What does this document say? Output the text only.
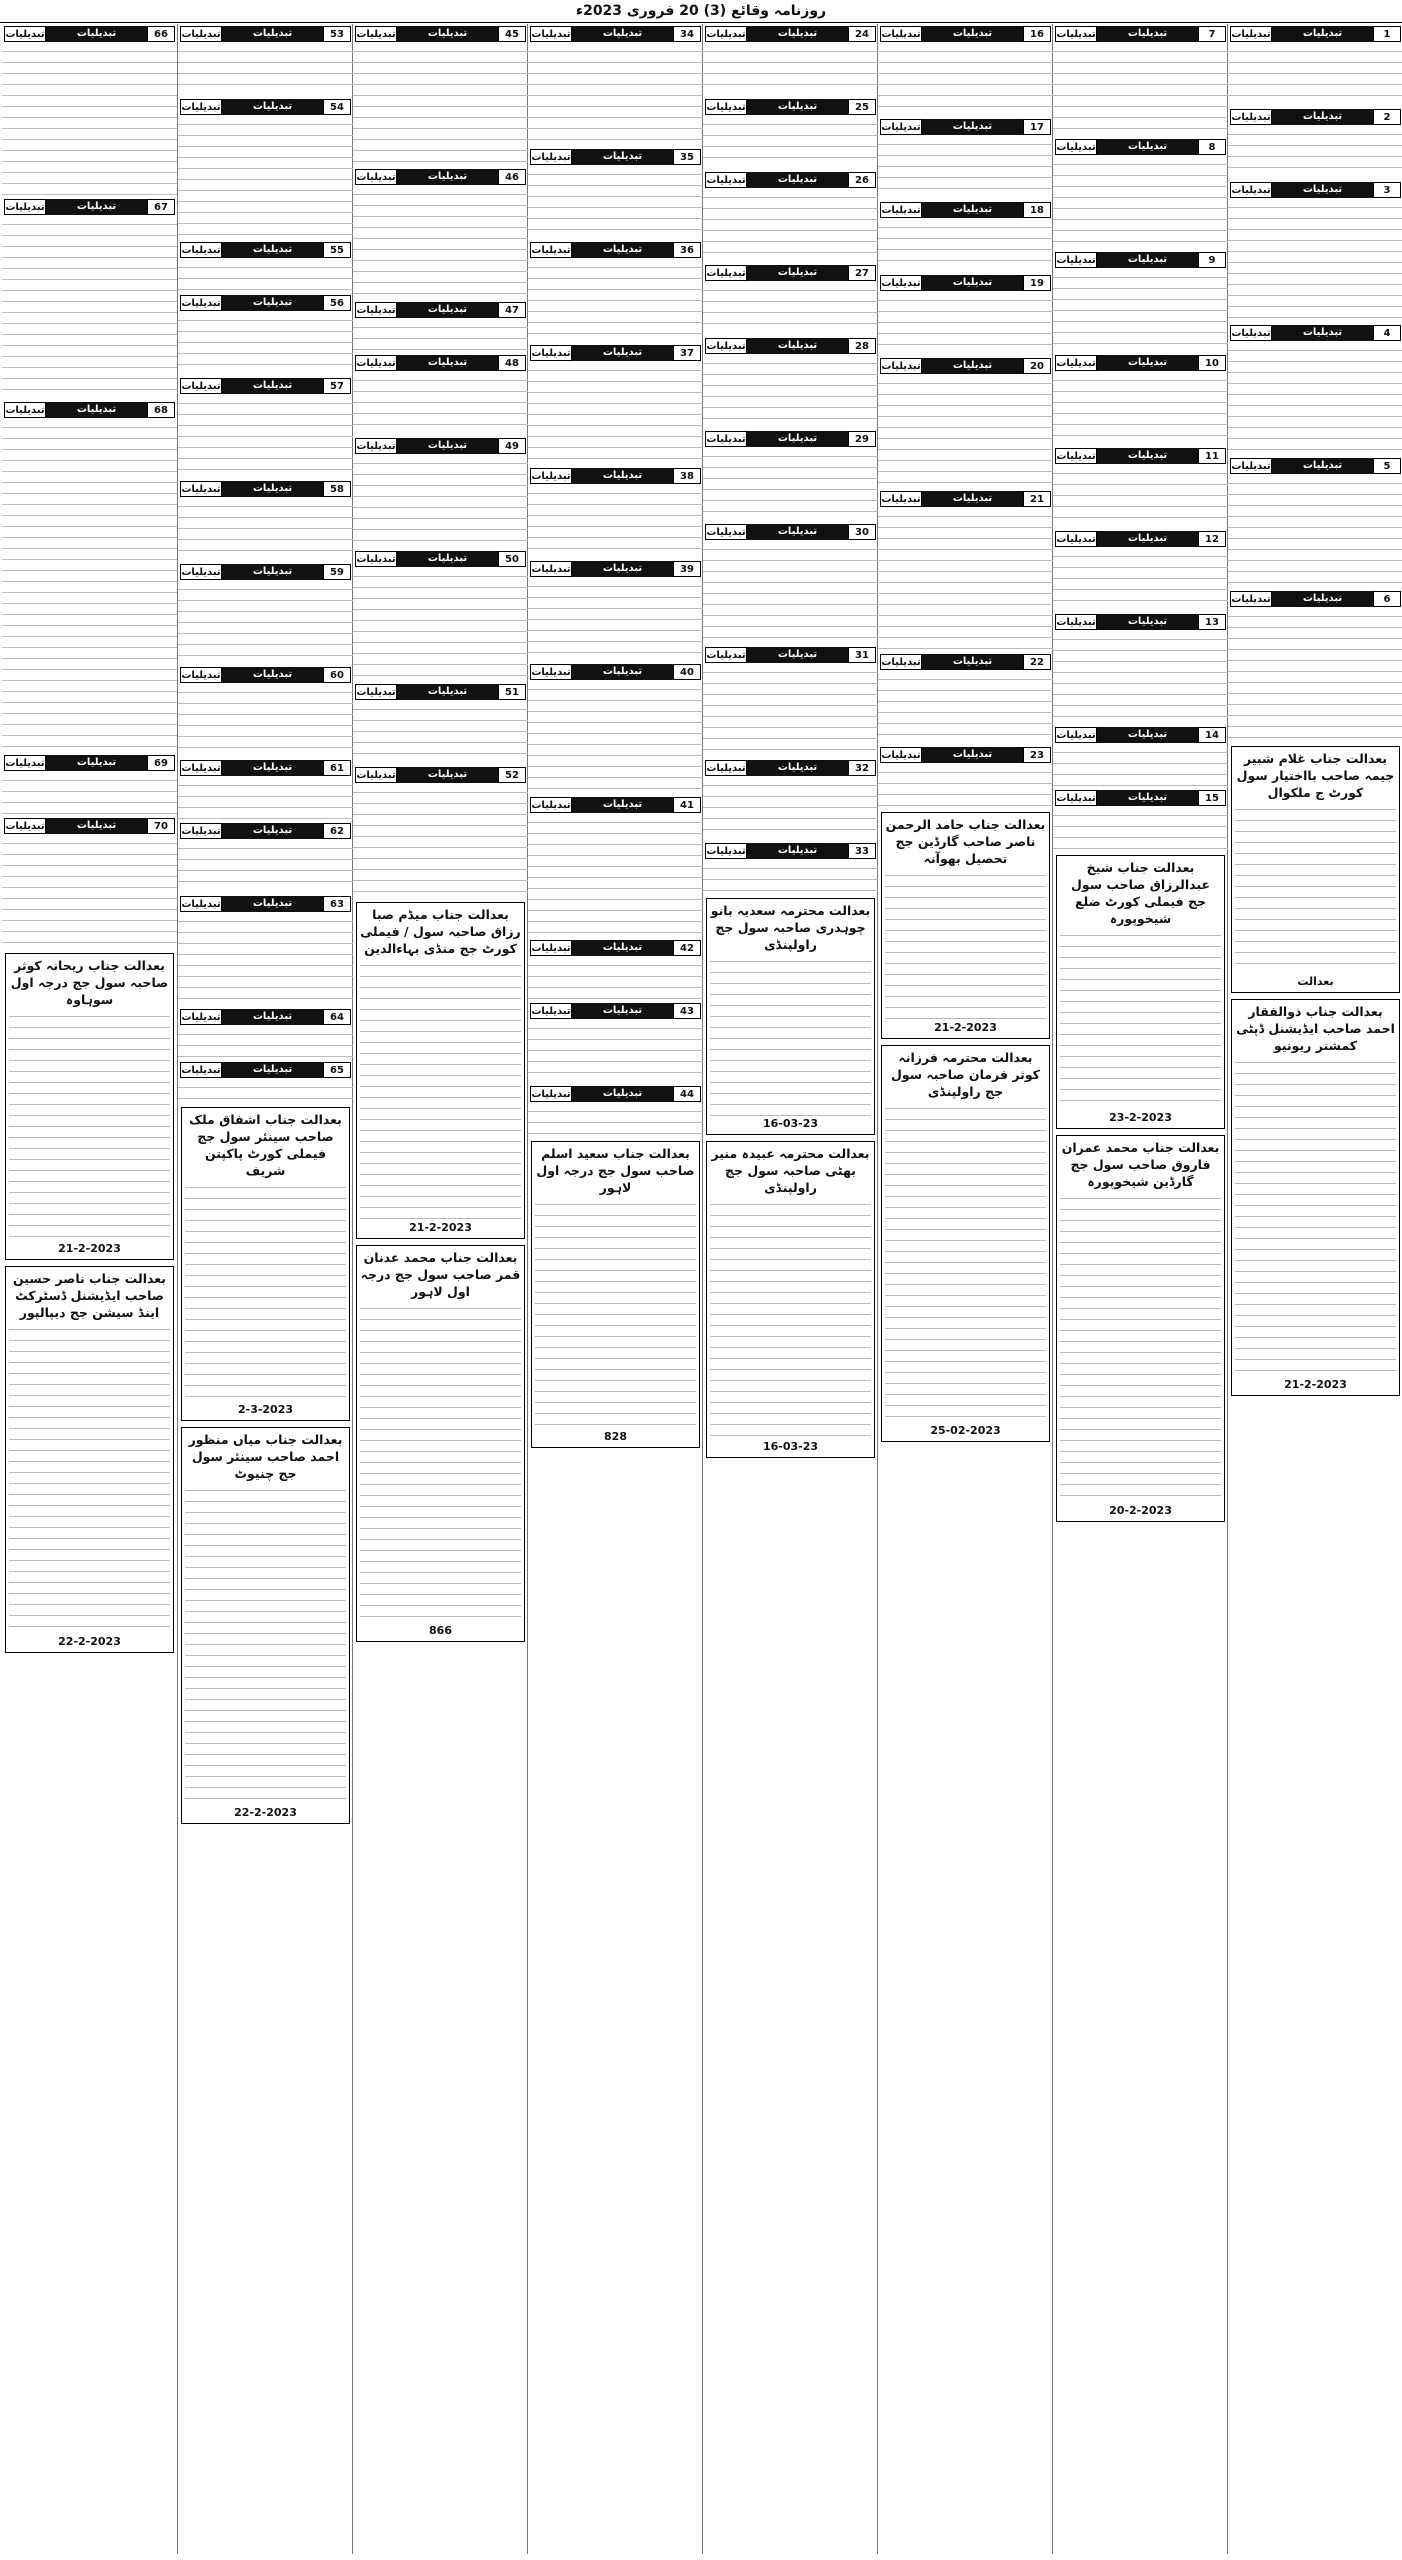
روزنامہ وقائع (3) 20 فروری 2023ء
1
تبدیلیات
تبدیلیات
2
تبدیلیات
تبدیلیات
3
تبدیلیات
تبدیلیات
4
تبدیلیات
تبدیلیات
5
تبدیلیات
تبدیلیات
6
تبدیلیات
تبدیلیات
بعدالت جناب غلام شبیر جیمہ صاحب بااختیار سول کورٹ ج ملکوال
بعدالت
بعدالت جناب ذوالفقار احمد صاحب ایڈیشنل ڈپٹی کمشنر ریونیو
21-2-2023
7
تبدیلیات
تبدیلیات
8
تبدیلیات
تبدیلیات
9
تبدیلیات
تبدیلیات
10
تبدیلیات
تبدیلیات
11
تبدیلیات
تبدیلیات
12
تبدیلیات
تبدیلیات
13
تبدیلیات
تبدیلیات
14
تبدیلیات
تبدیلیات
15
تبدیلیات
تبدیلیات
بعدالت جناب شیخ عبدالرزاق صاحب سول جج فیملی کورٹ ضلع شیخوپورہ
23-2-2023
بعدالت جناب محمد عمران فاروق صاحب سول جج گارڈین شیخوپورہ
20-2-2023
16
تبدیلیات
تبدیلیات
17
تبدیلیات
تبدیلیات
18
تبدیلیات
تبدیلیات
19
تبدیلیات
تبدیلیات
20
تبدیلیات
تبدیلیات
21
تبدیلیات
تبدیلیات
22
تبدیلیات
تبدیلیات
23
تبدیلیات
تبدیلیات
بعدالت جناب حامد الرحمن ناصر صاحب گارڈین جج تحصیل بھوآنہ
21-2-2023
بعدالت محترمہ فرزانہ کوثر فرمان صاحبہ سول جج راولپنڈی
25-02-2023
24
تبدیلیات
تبدیلیات
25
تبدیلیات
تبدیلیات
26
تبدیلیات
تبدیلیات
27
تبدیلیات
تبدیلیات
28
تبدیلیات
تبدیلیات
29
تبدیلیات
تبدیلیات
30
تبدیلیات
تبدیلیات
31
تبدیلیات
تبدیلیات
32
تبدیلیات
تبدیلیات
33
تبدیلیات
تبدیلیات
بعدالت محترمہ سعدیہ بانو چوہدری صاحبہ سول جج راولپنڈی
16-03-23
بعدالت محترمہ عبیدہ منیر بھٹی صاحبہ سول جج راولپنڈی
16-03-23
34
تبدیلیات
تبدیلیات
35
تبدیلیات
تبدیلیات
36
تبدیلیات
تبدیلیات
37
تبدیلیات
تبدیلیات
38
تبدیلیات
تبدیلیات
39
تبدیلیات
تبدیلیات
40
تبدیلیات
تبدیلیات
41
تبدیلیات
تبدیلیات
42
تبدیلیات
تبدیلیات
43
تبدیلیات
تبدیلیات
44
تبدیلیات
تبدیلیات
بعدالت جناب سعید اسلم صاحب سول جج درجہ اول لاہور
828
45
تبدیلیات
تبدیلیات
46
تبدیلیات
تبدیلیات
47
تبدیلیات
تبدیلیات
48
تبدیلیات
تبدیلیات
49
تبدیلیات
تبدیلیات
50
تبدیلیات
تبدیلیات
51
تبدیلیات
تبدیلیات
52
تبدیلیات
تبدیلیات
بعدالت جناب میڈم صبا رزاق صاحبہ سول / فیملی کورٹ جج منڈی بہاءالدین
21-2-2023
بعدالت جناب محمد عدنان قمر صاحب سول جج درجہ اول لاہور
866
53
تبدیلیات
تبدیلیات
54
تبدیلیات
تبدیلیات
55
تبدیلیات
تبدیلیات
56
تبدیلیات
تبدیلیات
57
تبدیلیات
تبدیلیات
58
تبدیلیات
تبدیلیات
59
تبدیلیات
تبدیلیات
60
تبدیلیات
تبدیلیات
61
تبدیلیات
تبدیلیات
62
تبدیلیات
تبدیلیات
63
تبدیلیات
تبدیلیات
64
تبدیلیات
تبدیلیات
65
تبدیلیات
تبدیلیات
بعدالت جناب اشفاق ملک صاحب سینئر سول جج فیملی کورٹ پاکپتن شریف
2-3-2023
بعدالت جناب میاں منظور احمد صاحب سینئر سول جج چنیوٹ
22-2-2023
66
تبدیلیات
تبدیلیات
67
تبدیلیات
تبدیلیات
68
تبدیلیات
تبدیلیات
69
تبدیلیات
تبدیلیات
70
تبدیلیات
تبدیلیات
بعدالت جناب ریحانہ کوثر صاحبہ سول جج درجہ اول سوہاوہ
21-2-2023
بعدالت جناب ناصر حسین صاحب ایڈیشنل ڈسٹرکٹ اینڈ سیشن جج دیپالپور
22-2-2023
